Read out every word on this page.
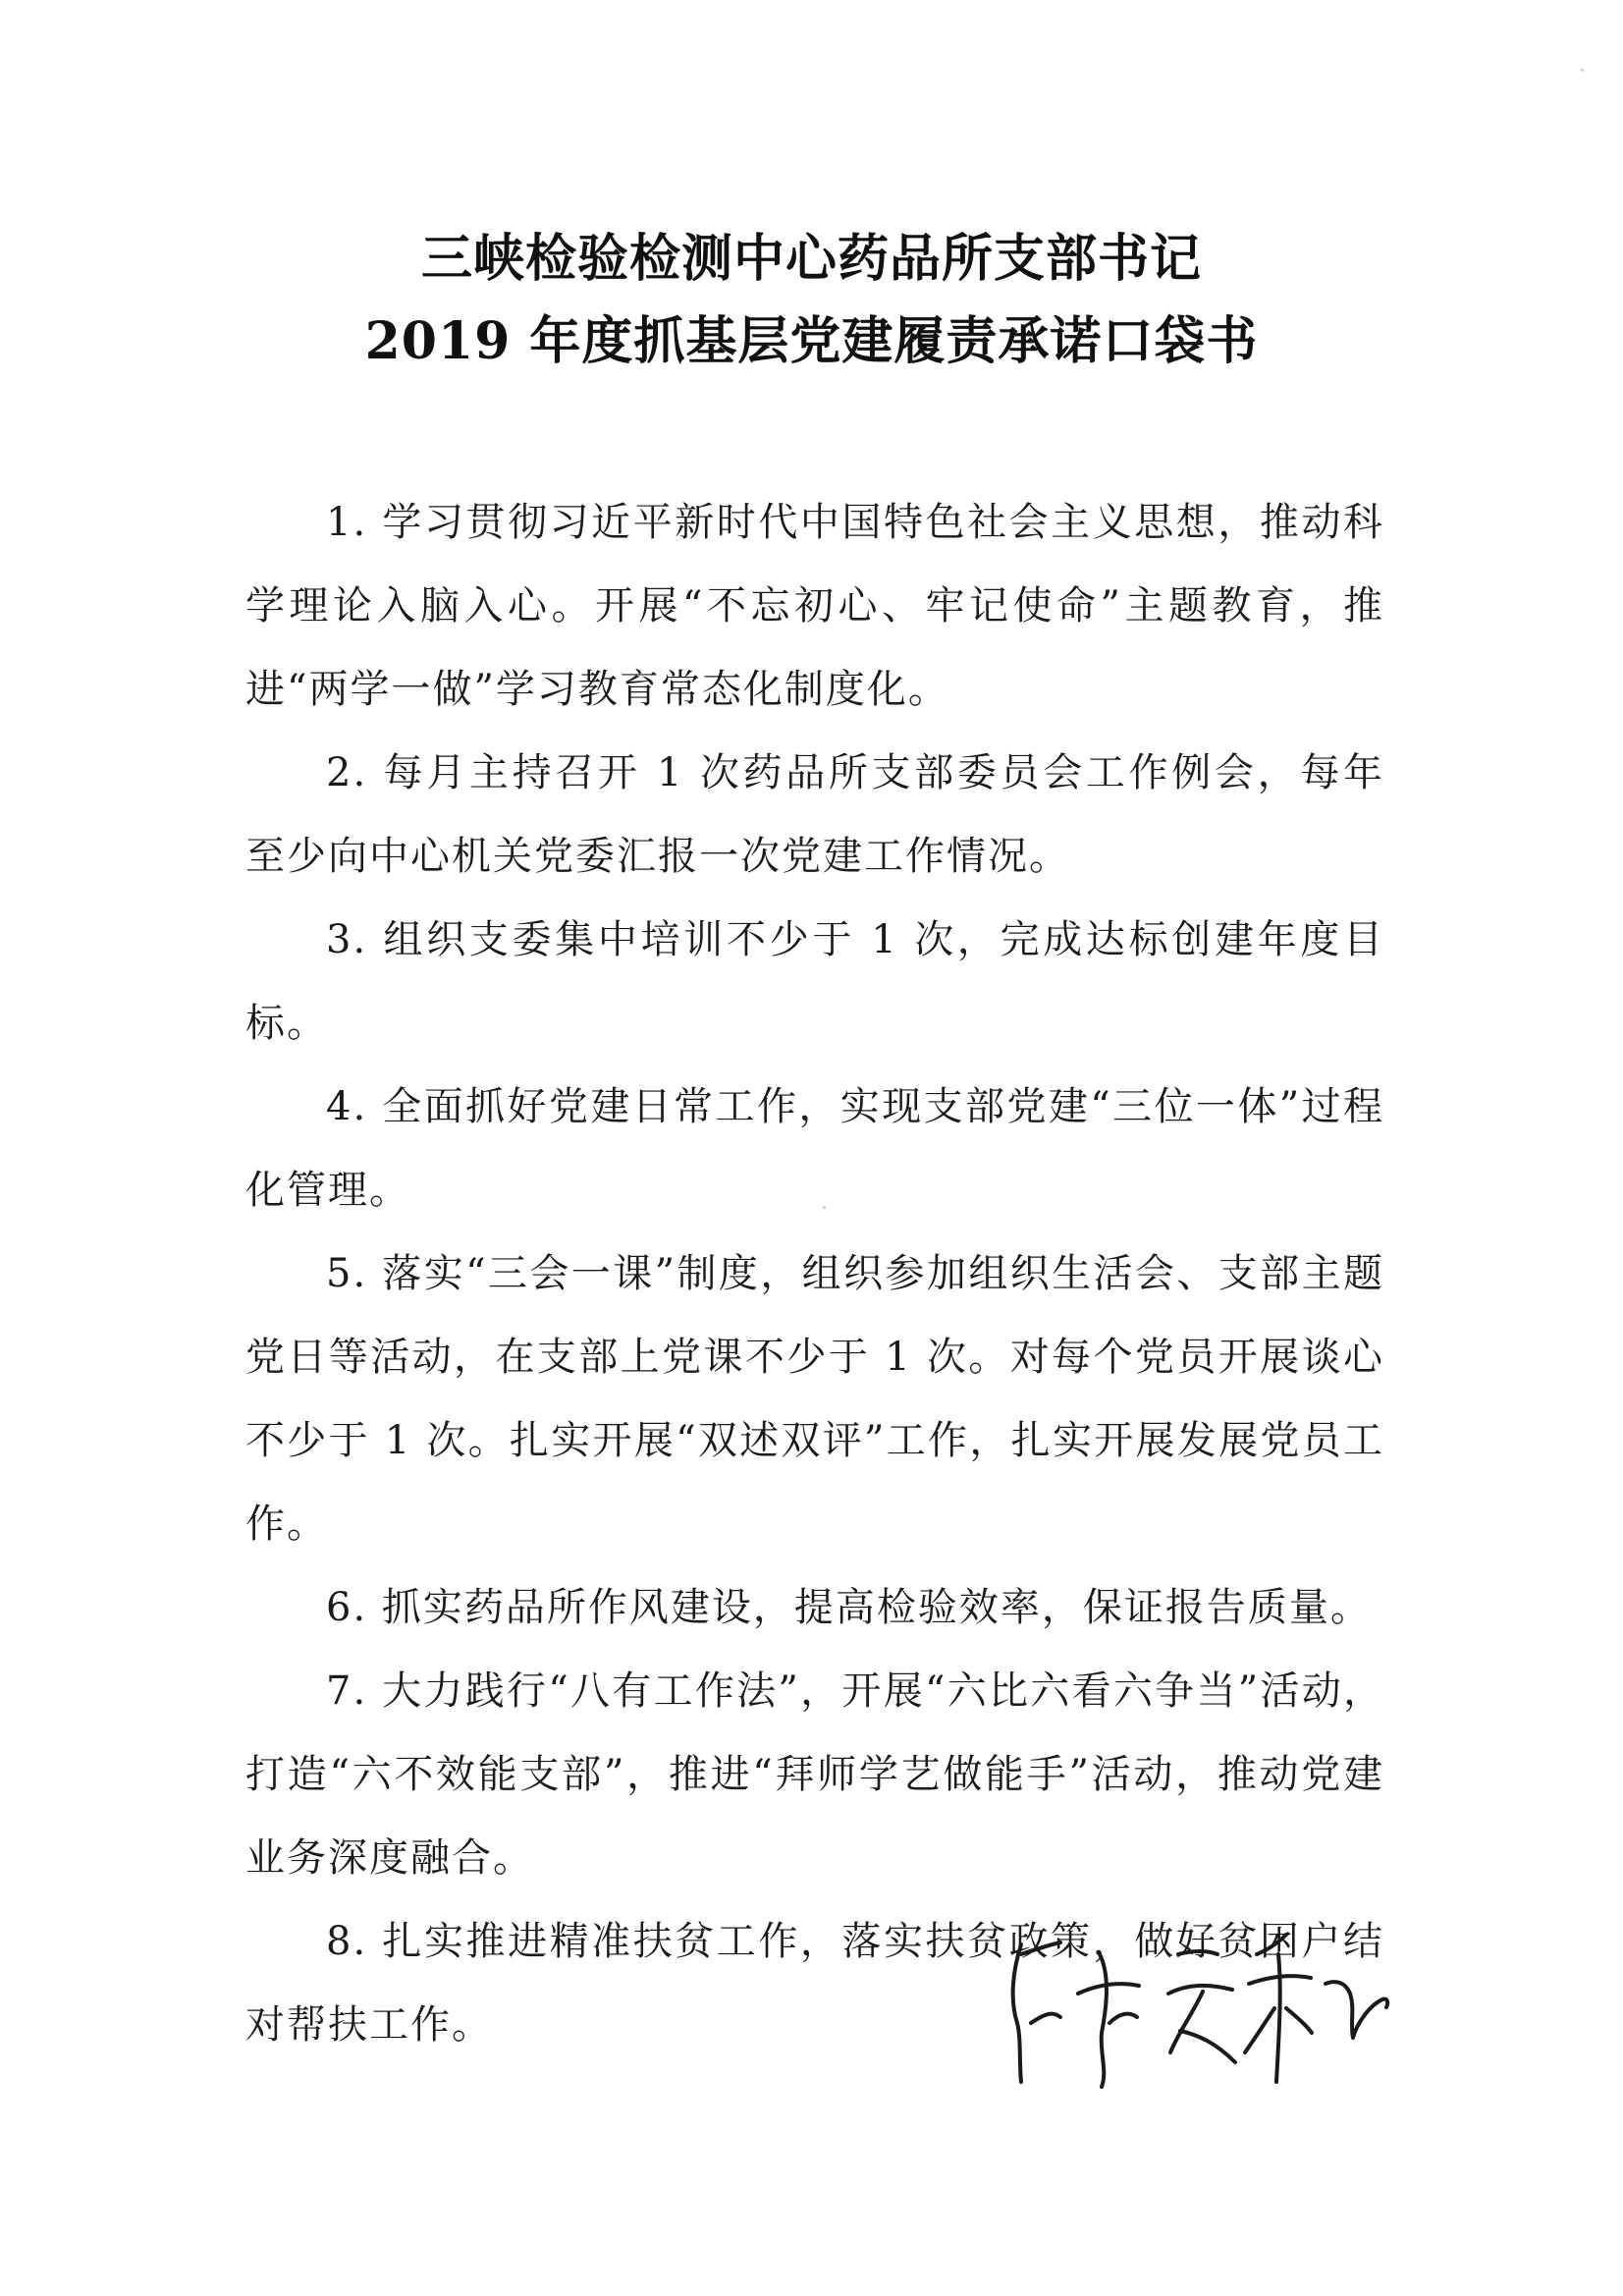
三峡检验检测中心药品所支部书记
2019 年度抓基层党建履责承诺口袋书

1. 学习贯彻习近平新时代中国特色社会主义思想，推动科学理论入脑入心。开展“不忘初心、牢记使命”主题教育，推进“两学一做”学习教育常态化制度化。

2. 每月主持召开 1 次药品所支部委员会工作例会，每年至少向中心机关党委汇报一次党建工作情况。

3. 组织支委集中培训不少于 1 次，完成达标创建年度目标。

4. 全面抓好党建日常工作，实现支部党建“三位一体”过程化管理。

5. 落实“三会一课”制度，组织参加组织生活会、支部主题党日等活动，在支部上党课不少于 1 次。对每个党员开展谈心不少于 1 次。扎实开展“双述双评”工作，扎实开展发展党员工作。

6. 抓实药品所作风建设，提高检验效率，保证报告质量。

7. 大力践行“八有工作法”，开展“六比六看六争当”活动，打造“六不效能支部”，推进“拜师学艺做能手”活动，推动党建业务深度融合。

8. 扎实推进精准扶贫工作，落实扶贫政策，做好贫困户结对帮扶工作。
